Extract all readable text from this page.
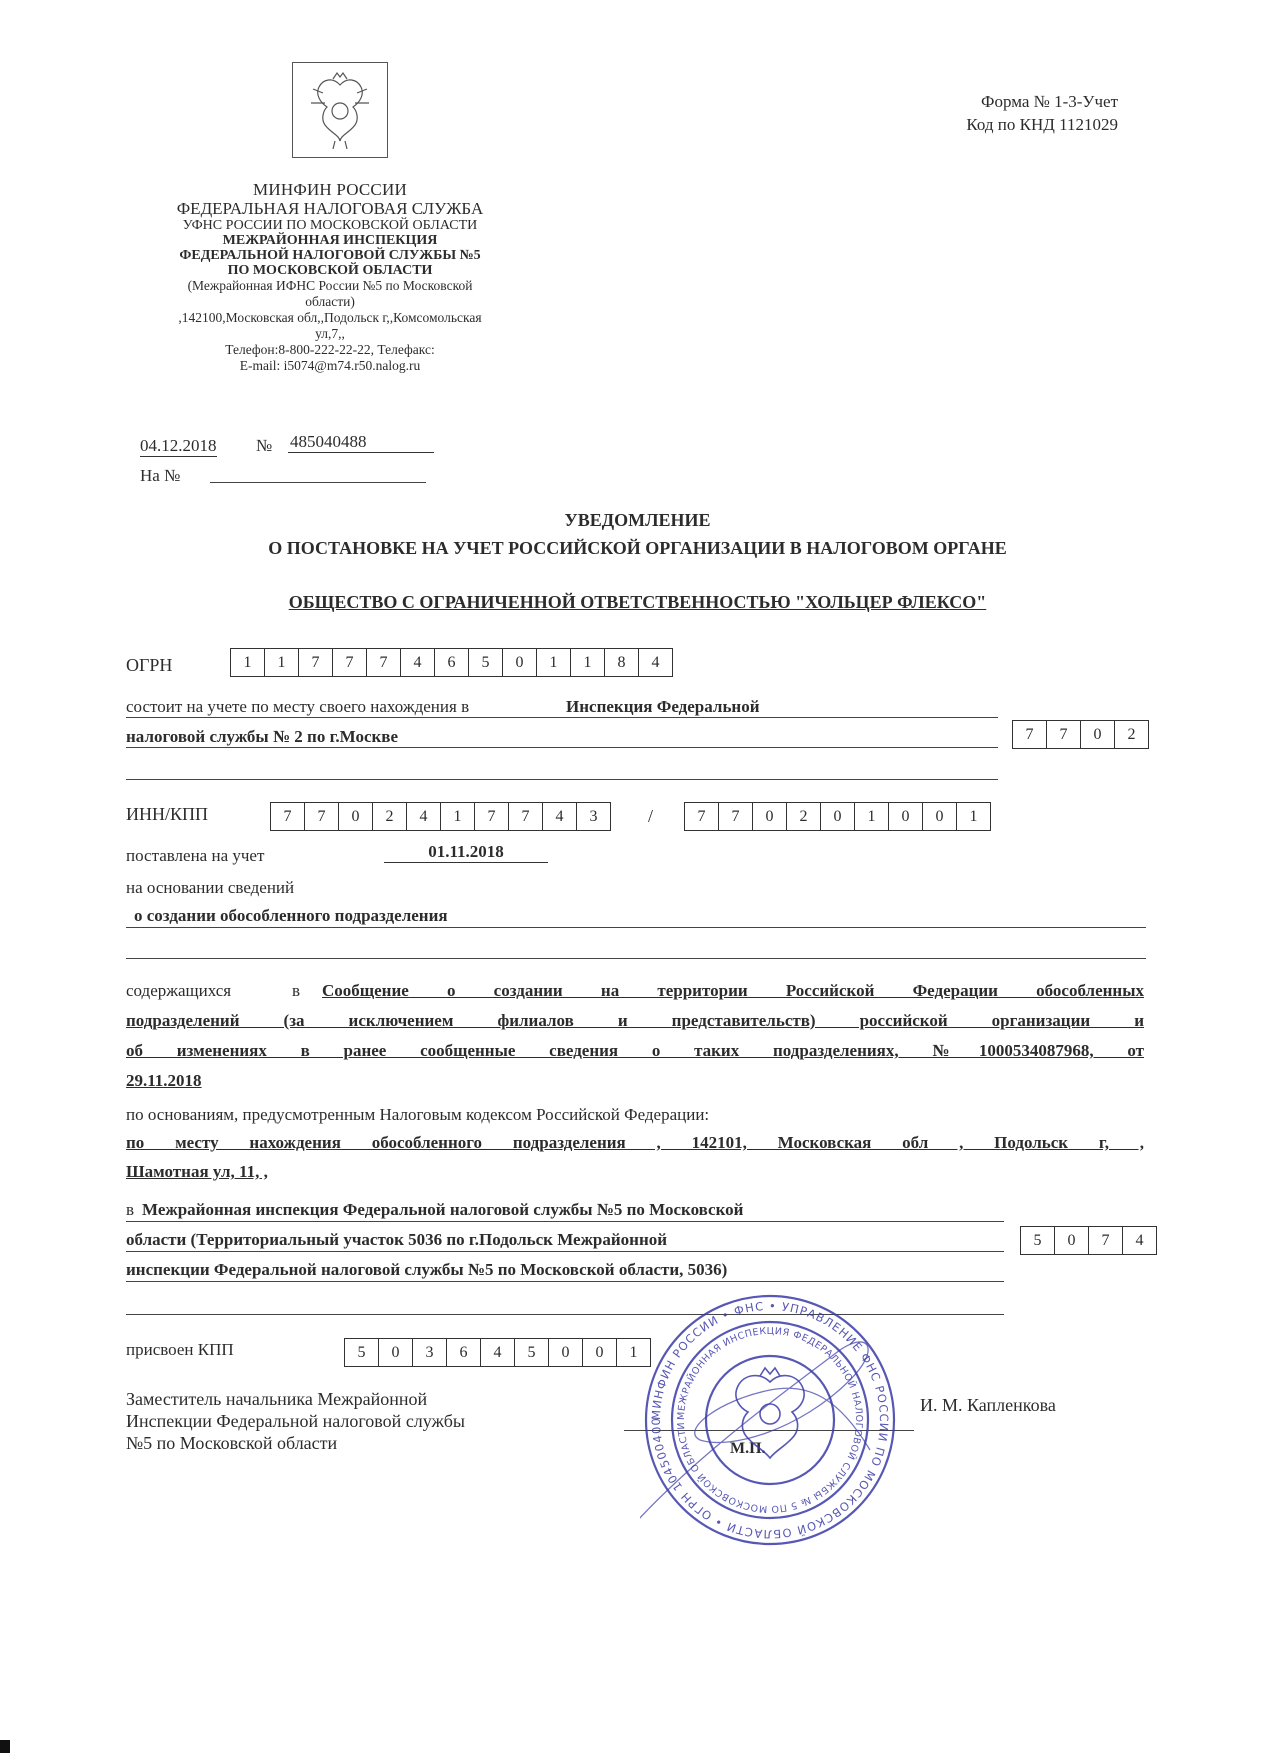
Форма № 1-3-Учет
Код по КНД 1121029
МИНФИН РОССИИ
ФЕДЕРАЛЬНАЯ НАЛОГОВАЯ СЛУЖБА
УФНС РОССИИ ПО МОСКОВСКОЙ ОБЛАСТИ
МЕЖРАЙОННАЯ ИНСПЕКЦИЯ
ФЕДЕРАЛЬНОЙ НАЛОГОВОЙ СЛУЖБЫ №5
ПО МОСКОВСКОЙ ОБЛАСТИ
(Межрайонная ИФНС России №5 по Московской
области)
,142100,Московская обл,,Подольск г,,Комсомольская
ул,7,,
Телефон:8-800-222-22-22, Телефакс:
E-mail: i5074@m74.r50.nalog.ru
04.12.2018 № 485040488
На №
УВЕДОМЛЕНИЕ
О ПОСТАНОВКЕ НА УЧЕТ РОССИЙСКОЙ ОРГАНИЗАЦИИ В НАЛОГОВОМ ОРГАНЕ
ОБЩЕСТВО С ОГРАНИЧЕННОЙ ОТВЕТСТВЕННОСТЬЮ "ХОЛЬЦЕР ФЛЕКСО"
ОГРН	1	1	7	7	7	4	6	5	0	1	1	8	4
состоит на учете по месту своего нахождения в	Инспекция Федеральной
налоговой службы № 2 по г.Москве	7	7	0	2
ИНН/КПП	7	7	0	2	4	1	7	7	4	3	/	7	7	0	2	0	1	0	0	1
поставлена на учет	01.11.2018
на основании сведений
о создании обособленного подразделения
содержащихся	в Сообщение о создании на территории Российской Федерации обособленных
подразделений (за исключением филиалов и представительств) российской организации и
об изменениях в ранее сообщенные сведения о таких подразделениях, №1000534087968, от
29.11.2018
по основаниям, предусмотренным Налоговым кодексом Российской Федерации:
по месту нахождения обособленного подразделения , 142101, Московская обл , Подольск г, ,
Шамотная ул, 11, ,
в Межрайонная инспекция Федеральной налоговой службы №5 по Московской
области (Территориальный участок 5036 по г.Подольск Межрайонной
инспекции Федеральной налоговой службы №5 по Московской области, 5036)
5	0	7	4
присвоен КПП	5	0	3	6	4	5	0	0	1
Заместитель начальника Межрайонной
Инспекции Федеральной налоговой службы
№5 по Московской области
И. М. Капленкова
М.П.
МИНФИН РОССИИ • ФНС • УПРАВЛЕНИЕ ФНС РОССИИ ПО МОСКОВСКОЙ ОБЛАСТИ • ОГРН 104500400
МЕЖРАЙОННАЯ ИНСПЕКЦИЯ ФЕДЕРАЛЬНОЙ НАЛОГОВОЙ СЛУЖБЫ № 5 ПО МОСКОВСКОЙ ОБЛАСТИ
